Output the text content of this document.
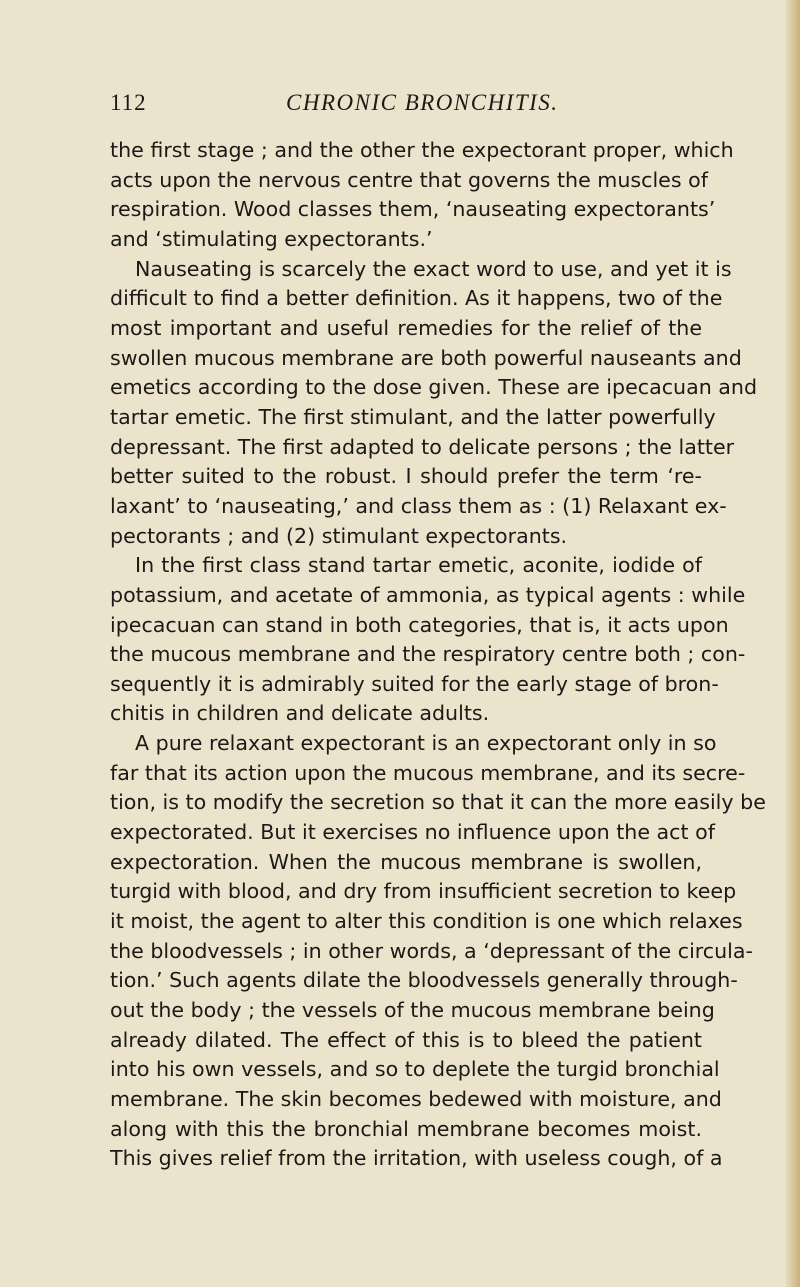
112	CHRONIC BRONCHITIS.
the first stage ; and the other the expectorant proper, which
acts upon the nervous centre that governs the muscles of
respiration. Wood classes them, ‘nauseating expectorants’
and ‘stimulating expectorants.’
Nauseating is scarcely the exact word to use, and yet it is
difficult to find a better definition. As it happens, two of the
most important and useful remedies for the relief of the
swollen mucous membrane are both powerful nauseants and
emetics according to the dose given. These are ipecacuan and
tartar emetic. The first stimulant, and the latter powerfully
depressant. The first adapted to delicate persons ; the latter
better suited to the robust. I should prefer the term ‘re-
laxant’ to ‘nauseating,’ and class them as : (1) Relaxant ex-
pectorants ; and (2) stimulant expectorants.
In the first class stand tartar emetic, aconite, iodide of
potassium, and acetate of ammonia, as typical agents : while
ipecacuan can stand in both categories, that is, it acts upon
the mucous membrane and the respiratory centre both ; con-
sequently it is admirably suited for the early stage of bron-
chitis in children and delicate adults.
A pure relaxant expectorant is an expectorant only in so
far that its action upon the mucous membrane, and its secre-
tion, is to modify the secretion so that it can the more easily be
expectorated. But it exercises no influence upon the act of
expectoration. When the mucous membrane is swollen,
turgid with blood, and dry from insufficient secretion to keep
it moist, the agent to alter this condition is one which relaxes
the bloodvessels ; in other words, a ‘depressant of the circula-
tion.’ Such agents dilate the bloodvessels generally through-
out the body ; the vessels of the mucous membrane being
already dilated. The effect of this is to bleed the patient
into his own vessels, and so to deplete the turgid bronchial
membrane. The skin becomes bedewed with moisture, and
along with this the bronchial membrane becomes moist.
This gives relief from the irritation, with useless cough, of a
